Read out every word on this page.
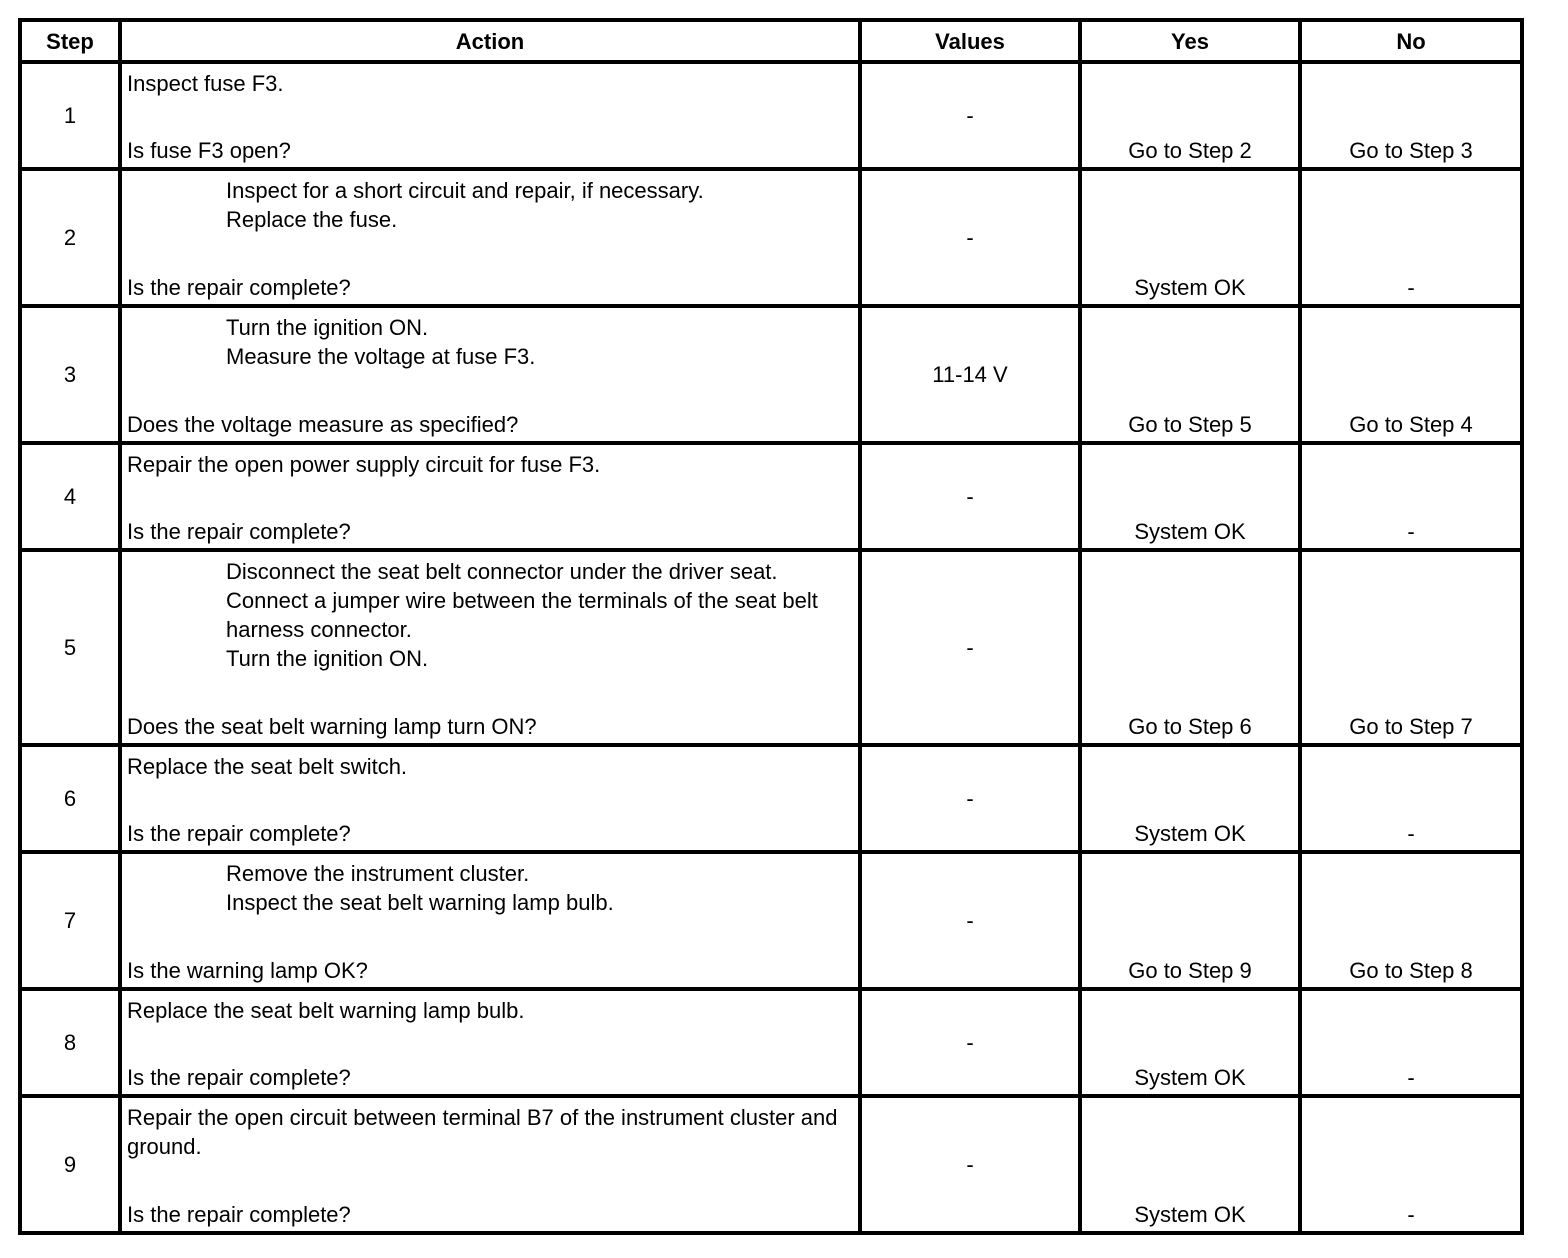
Step	Action	Values	Yes	No
1	Inspect fuse F3.
Is fuse F3 open?	-	Go to Step 2	Go to Step 3

2	Inspect for a short circuit and repair, if necessary.
Replace the fuse.
Is the repair complete?	-	System OK	-

3	Turn the ignition ON.
Measure the voltage at fuse F3.
Does the voltage measure as specified?	11-14 V	Go to Step 5	Go to Step 4

4	Repair the open power supply circuit for fuse F3.
Is the repair complete?	-	System OK	-

5	Disconnect the seat belt connector under the driver seat.
Connect a jumper wire between the terminals of the seat belt harness connector.
Turn the ignition ON.
Does the seat belt warning lamp turn ON?	-	Go to Step 6	Go to Step 7

6	Replace the seat belt switch.
Is the repair complete?	-	System OK	-

7	Remove the instrument cluster.
Inspect the seat belt warning lamp bulb.
Is the warning lamp OK?	-	Go to Step 9	Go to Step 8

8	Replace the seat belt warning lamp bulb.
Is the repair complete?	-	System OK	-

9	Repair the open circuit between terminal B7 of the instrument cluster and ground.
Is the repair complete?	-	System OK	-
